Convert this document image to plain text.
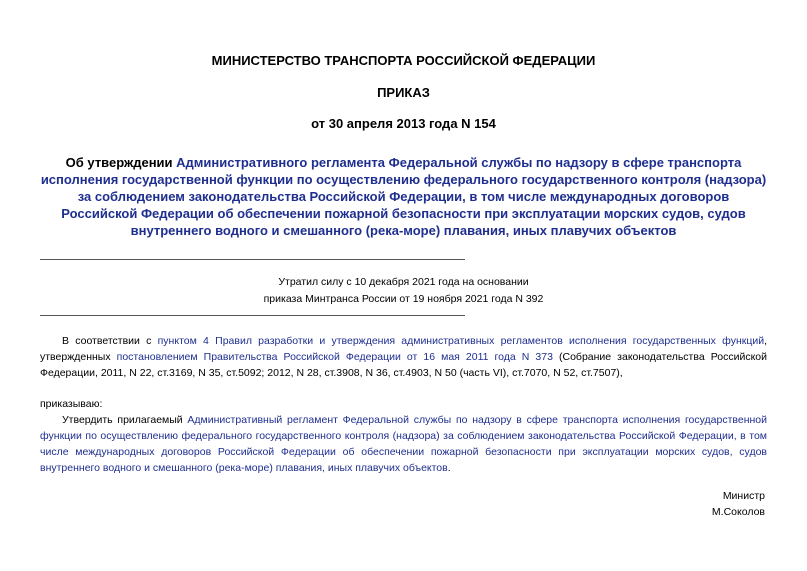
МИНИСТЕРСТВО ТРАНСПОРТА РОССИЙСКОЙ ФЕДЕРАЦИИ
ПРИКАЗ
от 30 апреля 2013 года N 154
Об утверждении Административного регламента Федеральной службы по надзору в сфере транспорта исполнения государственной функции по осуществлению федерального государственного контроля (надзора) за соблюдением законодательства Российской Федерации, в том числе международных договоров Российской Федерации об обеспечении пожарной безопасности при эксплуатации морских судов, судов внутреннего водного и смешанного (река-море) плавания, иных плавучих объектов
Утратил силу с 10 декабря 2021 года на основании
приказа Минтранса России от 19 ноября 2021 года N 392
В соответствии с пунктом 4 Правил разработки и утверждения административных регламентов исполнения государственных функций, утвержденных постановлением Правительства Российской Федерации от 16 мая 2011 года N 373 (Собрание законодательства Российской Федерации, 2011, N 22, ст.3169, N 35, ст.5092; 2012, N 28, ст.3908, N 36, ст.4903, N 50 (часть VI), ст.7070, N 52, ст.7507),
приказываю:
Утвердить прилагаемый Административный регламент Федеральной службы по надзору в сфере транспорта исполнения государственной функции по осуществлению федерального государственного контроля (надзора) за соблюдением законодательства Российской Федерации, в том числе международных договоров Российской Федерации об обеспечении пожарной безопасности при эксплуатации морских судов, судов внутреннего водного и смешанного (река-море) плавания, иных плавучих объектов.
Министр
М.Соколов
